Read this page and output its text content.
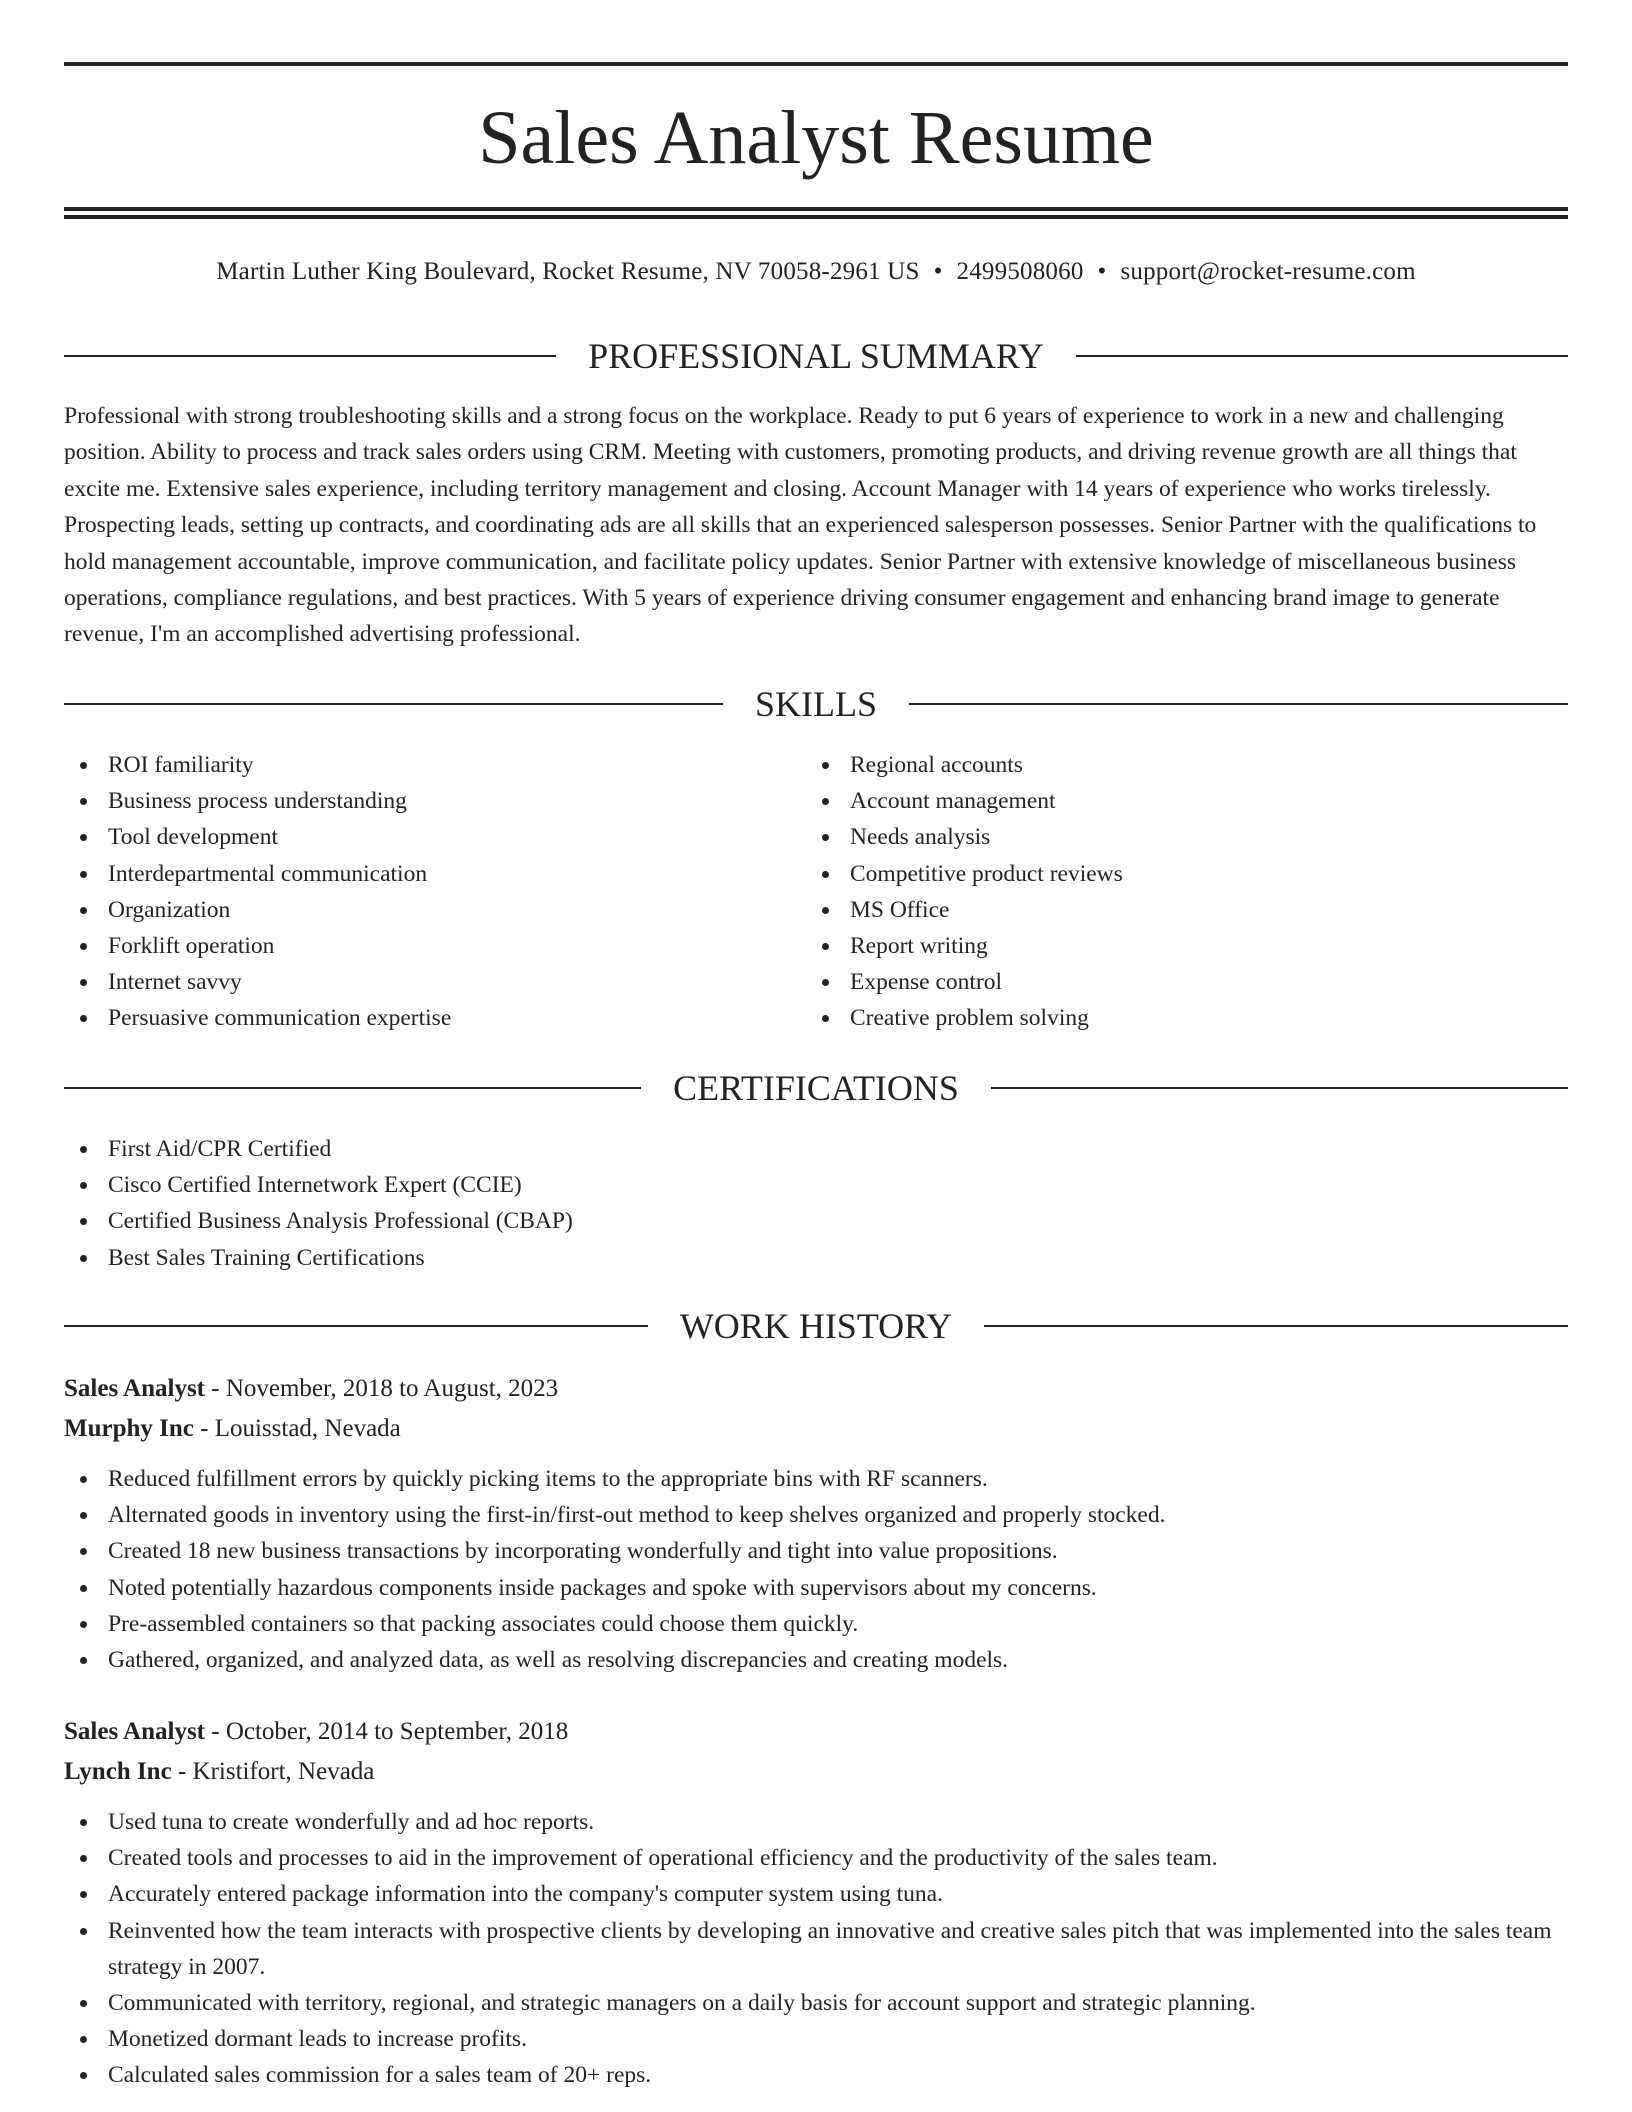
Sales Analyst Resume
Martin Luther King Boulevard, Rocket Resume, NV 70058-2961 US • 2499508060 • support@rocket-resume.com
PROFESSIONAL SUMMARY

Professional with strong troubleshooting skills and a strong focus on the workplace. Ready to put 6 years of experience to work in a new and challenging position. Ability to process and track sales orders using CRM. Meeting with customers, promoting products, and driving revenue growth are all things that excite me. Extensive sales experience, including territory management and closing. Account Manager with 14 years of experience who works tirelessly. Prospecting leads, setting up contracts, and coordinating ads are all skills that an experienced salesperson possesses. Senior Partner with the qualifications to hold management accountable, improve communication, and facilitate policy updates. Senior Partner with extensive knowledge of miscellaneous business operations, compliance regulations, and best practices. With 5 years of experience driving consumer engagement and enhancing brand image to generate revenue, I'm an accomplished advertising professional.

SKILLS
ROI familiarity
Business process understanding
Tool development
Interdepartmental communication
Organization
Forklift operation
Internet savvy
Persuasive communication expertise
Regional accounts
Account management
Needs analysis
Competitive product reviews
MS Office
Report writing
Expense control
Creative problem solving
CERTIFICATIONS
First Aid/CPR Certified
Cisco Certified Internetwork Expert (CCIE)
Certified Business Analysis Professional (CBAP)
Best Sales Training Certifications
WORK HISTORY
Sales Analyst - November, 2018 to August, 2023
Murphy Inc - Louisstad, Nevada
Reduced fulfillment errors by quickly picking items to the appropriate bins with RF scanners.
Alternated goods in inventory using the first-in/first-out method to keep shelves organized and properly stocked.
Created 18 new business transactions by incorporating wonderfully and tight into value propositions.
Noted potentially hazardous components inside packages and spoke with supervisors about my concerns.
Pre-assembled containers so that packing associates could choose them quickly.
Gathered, organized, and analyzed data, as well as resolving discrepancies and creating models.
Sales Analyst - October, 2014 to September, 2018
Lynch Inc - Kristifort, Nevada
Used tuna to create wonderfully and ad hoc reports.
Created tools and processes to aid in the improvement of operational efficiency and the productivity of the sales team.
Accurately entered package information into the company's computer system using tuna.
Reinvented how the team interacts with prospective clients by developing an innovative and creative sales pitch that was implemented into the sales team strategy in 2007.
Communicated with territory, regional, and strategic managers on a daily basis for account support and strategic planning.
Monetized dormant leads to increase profits.
Calculated sales commission for a sales team of 20+ reps.
